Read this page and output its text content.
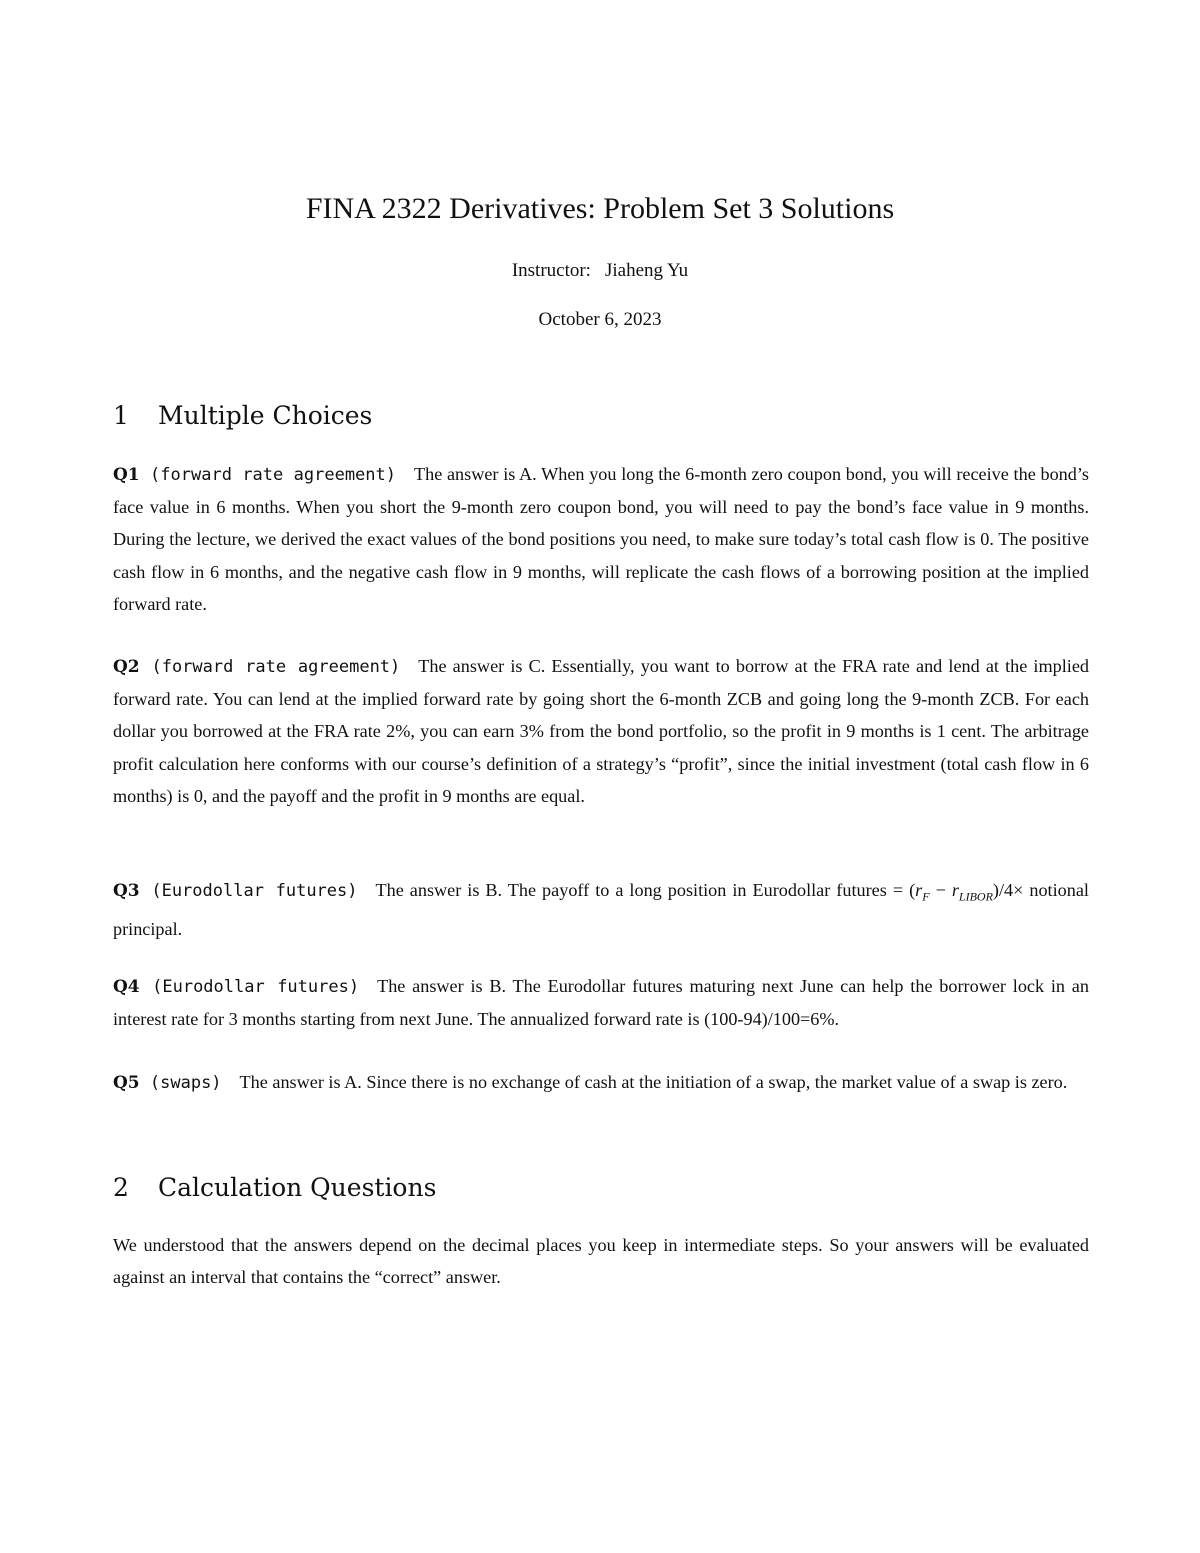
FINA 2322 Derivatives: Problem Set 3 Solutions
Instructor: Jiaheng Yu
October 6, 2023
1 Multiple Choices
Q1 (forward rate agreement) The answer is A. When you long the 6-month zero coupon bond, you will receive the bond’s face value in 6 months. When you short the 9-month zero coupon bond, you will need to pay the bond’s face value in 9 months. During the lecture, we derived the exact values of the bond positions you need, to make sure today’s total cash flow is 0. The positive cash flow in 6 months, and the negative cash flow in 9 months, will replicate the cash flows of a borrowing position at the implied forward rate.
Q2 (forward rate agreement) The answer is C. Essentially, you want to borrow at the FRA rate and lend at the implied forward rate. You can lend at the implied forward rate by going short the 6-month ZCB and going long the 9-month ZCB. For each dollar you borrowed at the FRA rate 2%, you can earn 3% from the bond portfolio, so the profit in 9 months is 1 cent. The arbitrage profit calculation here conforms with our course’s definition of a strategy’s “profit”, since the initial investment (total cash flow in 6 months) is 0, and the payoff and the profit in 9 months are equal.
Q3 (Eurodollar futures) The answer is B. The payoff to a long position in Eurodollar futures = $(r_F - r_{LIBOR})/4\times$ notional principal.
Q4 (Eurodollar futures) The answer is B. The Eurodollar futures maturing next June can help the borrower lock in an interest rate for 3 months starting from next June. The annualized forward rate is (100-94)/100=6%.
Q5 (swaps) The answer is A. Since there is no exchange of cash at the initiation of a swap, the market value of a swap is zero.
2 Calculation Questions
We understood that the answers depend on the decimal places you keep in intermediate steps. So your answers will be evaluated against an interval that contains the “correct” answer.
